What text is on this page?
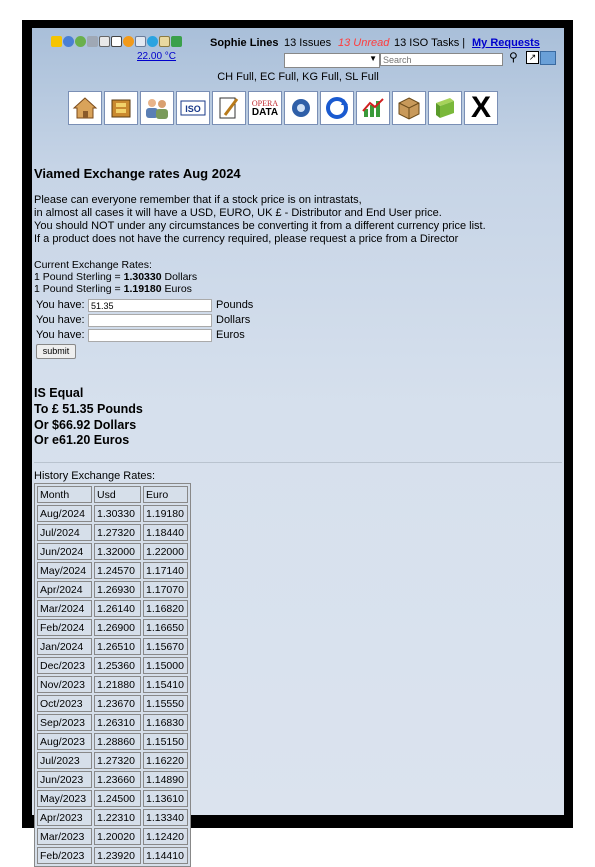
Sophie Lines 13 Issues 13 Unread 13 ISO Tasks | My Requests
22.00 °C	▼
Search	⚲	↗
CH Full, EC Full, KG Full, SL Full
ISO
OPERA
DATA	X
Viamed Exchange rates Aug 2024
Please can everyone remember that if a stock price is on intrastats,
in almost all cases it will have a USD, EURO, UK £ - Distributor and End User price.
You should NOT under any circumstances be converting it from a different currency price list.
If a product does not have the currency required, please request a price from a Director
Current Exchange Rates:
1 Pound Sterling = 1.30330 Dollars
1 Pound Sterling = 1.19180 Euros
You have:
51.35	Pounds
You have:	Dollars
You have:	Euros
submit
IS Equal
To £ 51.35 Pounds
Or $66.92 Dollars
Or e61.20 Euros
History Exchange Rates:
Month	Usd	Euro
Aug/2024	1.30330	1.19180
Jul/2024	1.27320	1.18440
Jun/2024	1.32000	1.22000
May/2024	1.24570	1.17140
Apr/2024	1.26930	1.17070
Mar/2024	1.26140	1.16820
Feb/2024	1.26900	1.16650
Jan/2024	1.26510	1.15670
Dec/2023	1.25360	1.15000
Nov/2023	1.21880	1.15410
Oct/2023	1.23670	1.15550
Sep/2023	1.26310	1.16830
Aug/2023	1.28860	1.15150
Jul/2023	1.27320	1.16220
Jun/2023	1.23660	1.14890
May/2023	1.24500	1.13610
Apr/2023	1.22310	1.13340
Mar/2023	1.20020	1.12420
Feb/2023	1.23920	1.14410
